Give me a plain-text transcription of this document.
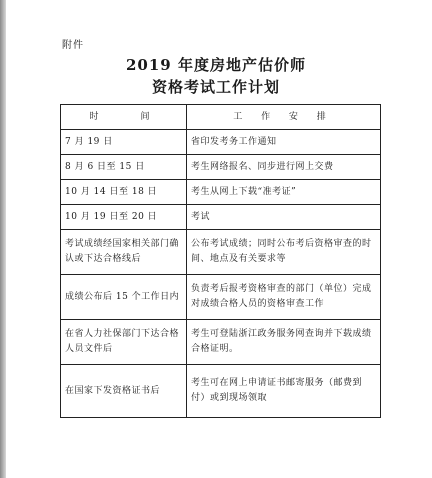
附件
2019 年度房地产估价师
资格考试工作计划
时　　间	工 作 安 排
7 月 19 日	省印发考务工作通知
8 月 6 日至 15 日	考生网络报名、同步进行网上交费
10 月 14 日至 18 日	考生从网上下载“准考证”
10 月 19 日至 20 日	考试
考试成绩经国家相关部门确认或下达合格线后	公布考试成绩；同时公布考后资格审查的时间、地点及有关要求等
成绩公布后 15 个工作日内	负责考后报考资格审查的部门（单位）完成对成绩合格人员的资格审查工作
在省人力社保部门下达合格人员文件后	考生可登陆浙江政务服务网查询并下载成绩合格证明。
在国家下发资格证书后	考生可在网上申请证书邮寄服务（邮费到付）或到现场领取
